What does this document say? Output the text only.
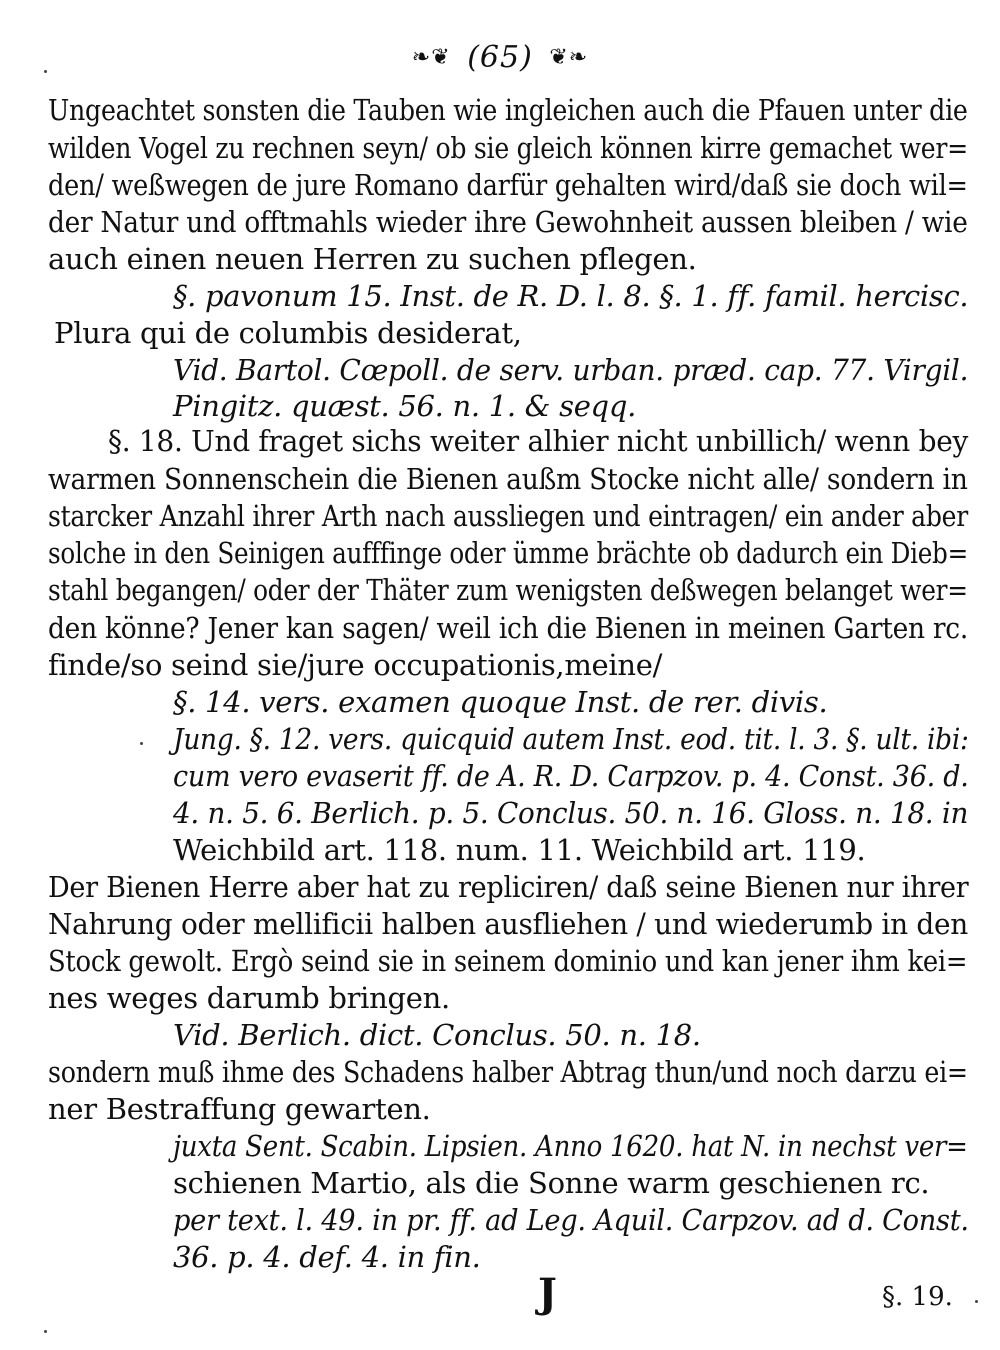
❧❦ (65) ❦❧
Ungeachtet sonsten die Tauben wie ingleichen auch die Pfauen unter die
wilden Vogel zu rechnen seyn/ ob sie gleich können kirre gemachet wer=
den/ weßwegen de jure Romano darfür gehalten wird/daß sie doch wil=
der Natur und offtmahls wieder ihre Gewohnheit aussen bleiben / wie
auch einen neuen Herren zu suchen pflegen.
§. pavonum 15. Inst. de R. D. l. 8. §. 1. ff. famil. hercisc.
Plura qui de columbis desiderat,
Vid. Bartol. Cœpoll. de serv. urban. præd. cap. 77. Virgil.
Pingitz. quæst. 56. n. 1. & seqq.
§. 18. Und fraget sichs weiter alhier nicht unbillich/ wenn bey
warmen Sonnenschein die Bienen außm Stocke nicht alle/ sondern in
starcker Anzahl ihrer Arth nach aussliegen und eintragen/ ein ander aber
solche in den Seinigen aufffinge oder ümme brächte ob dadurch ein Dieb=
stahl begangen/ oder der Thäter zum wenigsten deßwegen belanget wer=
den könne? Jener kan sagen/ weil ich die Bienen in meinen Garten rc.
finde/so seind sie/jure occupationis,meine/
§. 14. vers. examen quoque Inst. de rer. divis.
Jung. §. 12. vers. quicquid autem Inst. eod. tit. l. 3. §. ult. ibi:
cum vero evaserit ff. de A. R. D. Carpzov. p. 4. Const. 36. d.
4. n. 5. 6. Berlich. p. 5. Conclus. 50. n. 16. Gloss. n. 18. in
Weichbild art. 118. num. 11. Weichbild art. 119.
Der Bienen Herre aber hat zu repliciren/ daß seine Bienen nur ihrer
Nahrung oder mellificii halben ausfliehen / und wiederumb in den
Stock gewolt. Ergò seind sie in seinem dominio und kan jener ihm kei=
nes weges darumb bringen.
Vid. Berlich. dict. Conclus. 50. n. 18.
sondern muß ihme des Schadens halber Abtrag thun/und noch darzu ei=
ner Bestraffung gewarten.
juxta Sent. Scabin. Lipsien. Anno 1620. hat N. in nechst ver=
schienen Martio, als die Sonne warm geschienen rc.
per text. l. 49. in pr. ff. ad Leg. Aquil. Carpzov. ad d. Const.
36. p. 4. def. 4. in fin.
J	§. 19.
